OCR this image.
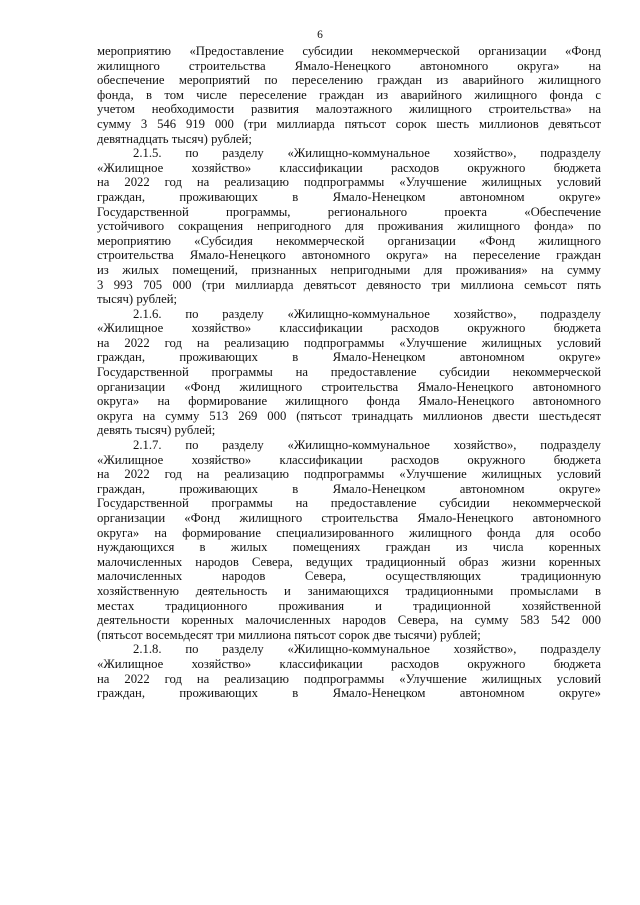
6
мероприятию «Предоставление субсидии некоммерческой организации «Фонд
жилищного строительства Ямало-Ненецкого автономного округа» на
обеспечение мероприятий по переселению граждан из аварийного жилищного
фонда, в том числе переселение граждан из аварийного жилищного фонда с
учетом необходимости развития малоэтажного жилищного строительства» на
сумму 3 546 919 000 (три миллиарда пятьсот сорок шесть миллионов девятьсот
девятнадцать тысяч) рублей;
2.1.5. по разделу «Жилищно-коммунальное хозяйство», подразделу
«Жилищное хозяйство» классификации расходов окружного бюджета
на 2022 год на реализацию подпрограммы «Улучшение жилищных условий
граждан, проживающих в Ямало-Ненецком автономном округе»
Государственной программы, регионального проекта «Обеспечение
устойчивого сокращения непригодного для проживания жилищного фонда» по
мероприятию «Субсидия некоммерческой организации «Фонд жилищного
строительства Ямало-Ненецкого автономного округа» на переселение граждан
из жилых помещений, признанных непригодными для проживания» на сумму
3 993 705 000 (три миллиарда девятьсот девяносто три миллиона семьсот пять
тысяч) рублей;
2.1.6. по разделу «Жилищно-коммунальное хозяйство», подразделу
«Жилищное хозяйство» классификации расходов окружного бюджета
на 2022 год на реализацию подпрограммы «Улучшение жилищных условий
граждан, проживающих в Ямало-Ненецком автономном округе»
Государственной программы на предоставление субсидии некоммерческой
организации «Фонд жилищного строительства Ямало-Ненецкого автономного
округа» на формирование жилищного фонда Ямало-Ненецкого автономного
округа на сумму 513 269 000 (пятьсот тринадцать миллионов двести шестьдесят
девять тысяч) рублей;
2.1.7. по разделу «Жилищно-коммунальное хозяйство», подразделу
«Жилищное хозяйство» классификации расходов окружного бюджета
на 2022 год на реализацию подпрограммы «Улучшение жилищных условий
граждан, проживающих в Ямало-Ненецком автономном округе»
Государственной программы на предоставление субсидии некоммерческой
организации «Фонд жилищного строительства Ямало-Ненецкого автономного
округа» на формирование специализированного жилищного фонда для особо
нуждающихся в жилых помещениях граждан из числа коренных
малочисленных народов Севера, ведущих традиционный образ жизни коренных
малочисленных народов Севера, осуществляющих традиционную
хозяйственную деятельность и занимающихся традиционными промыслами в
местах традиционного проживания и традиционной хозяйственной
деятельности коренных малочисленных народов Севера, на сумму 583 542 000
(пятьсот восемьдесят три миллиона пятьсот сорок две тысячи) рублей;
2.1.8. по разделу «Жилищно-коммунальное хозяйство», подразделу
«Жилищное хозяйство» классификации расходов окружного бюджета
на 2022 год на реализацию подпрограммы «Улучшение жилищных условий
граждан, проживающих в Ямало-Ненецком автономном округе»
